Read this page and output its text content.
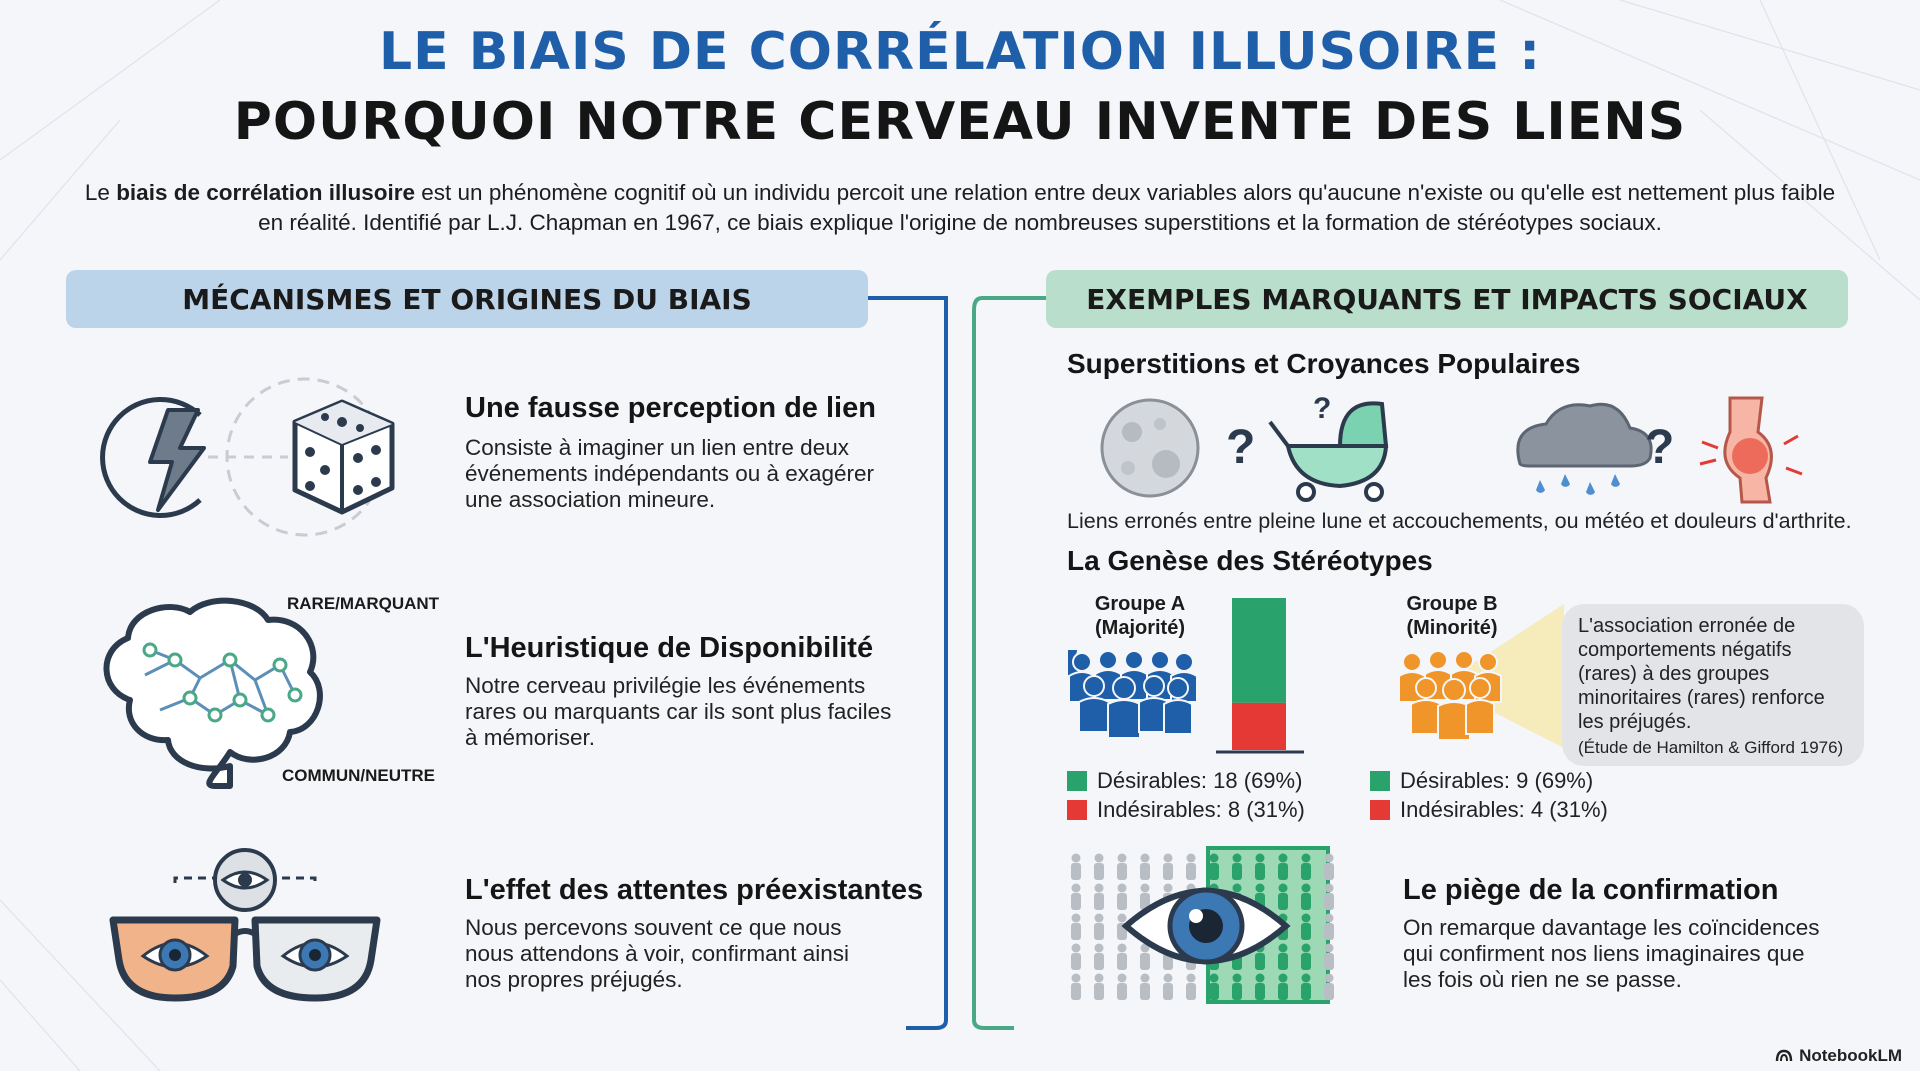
LE BIAIS DE CORRÉLATION ILLUSOIRE :
POURQUOI NOTRE CERVEAU INVENTE DES LIENS
Le biais de corrélation illusoire est un phénomène cognitif où un individu percoit une relation entre deux variables alors qu'aucune n'existe ou qu'elle est nettement plus faible en réalité. Identifié par L.J. Chapman en 1967, ce biais explique l'origine de nombreuses superstitions et la formation de stéréotypes sociaux.
MÉCANISMES ET ORIGINES DU BIAIS	EXEMPLES MARQUANTS ET IMPACTS SOCIAUX
Une fausse perception de lien
Consiste à imaginer un lien entre deux événements indépendants ou à exagérer une association mineure.
RARE/MARQUANT
COMMUN/NEUTRE
L'Heuristique de Disponibilité
Notre cerveau privilégie les événements rares ou marquants car ils sont plus faciles à mémoriser.
L'effet des attentes préexistantes
Nous percevons souvent ce que nous nous attendons à voir, confirmant ainsi nos propres préjugés.
Superstitions et Croyances Populaires
?
?
?
Liens erronés entre pleine lune et accouchements, ou météo et douleurs d'arthrite.
La Genèse des Stéréotypes
Groupe A
(Majorité)
Désirables: 18 (69%)
Indésirables: 8 (31%)
Groupe B
(Minorité)	L'association erronée de comportements négatifs (rares) à des groupes minoritaires (rares) renforce les préjugés.
(Étude de Hamilton & Gifford 1976)
Désirables: 9 (69%)
Indésirables: 4 (31%)
Le piège de la confirmation
On remarque davantage les coïncidences qui confirment nos liens imaginaires que les fois où rien ne se passe.
NotebookLM
